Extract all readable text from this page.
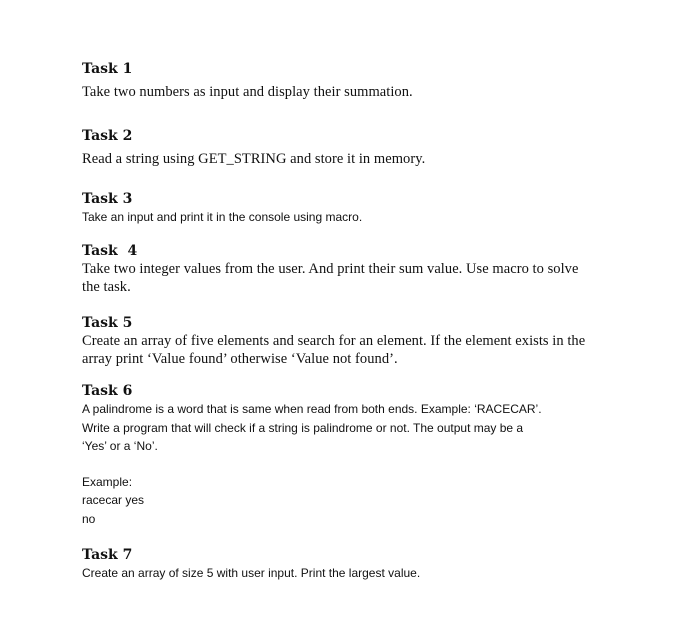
Task 1

Take two numbers as input and display their summation.

Task 2

Read a string using GET_STRING and store it in memory.

Task 3

Take an input and print it in the console using macro.

Task  4

Take two integer values from the user. And print their sum value. Use macro to solve
the task.

Task 5

Create an array of five elements and search for an element. If the element exists in the
array print ‘Value found’ otherwise ‘Value not found’.

Task 6

A palindrome is a word that is same when read from both ends. Example: ‘RACECAR’.
Write a program that will check if a string is palindrome or not. The output may be a
‘Yes’ or a ‘No’.

Example:
racecar yes
no

Task 7

Create an array of size 5 with user input. Print the largest value.
